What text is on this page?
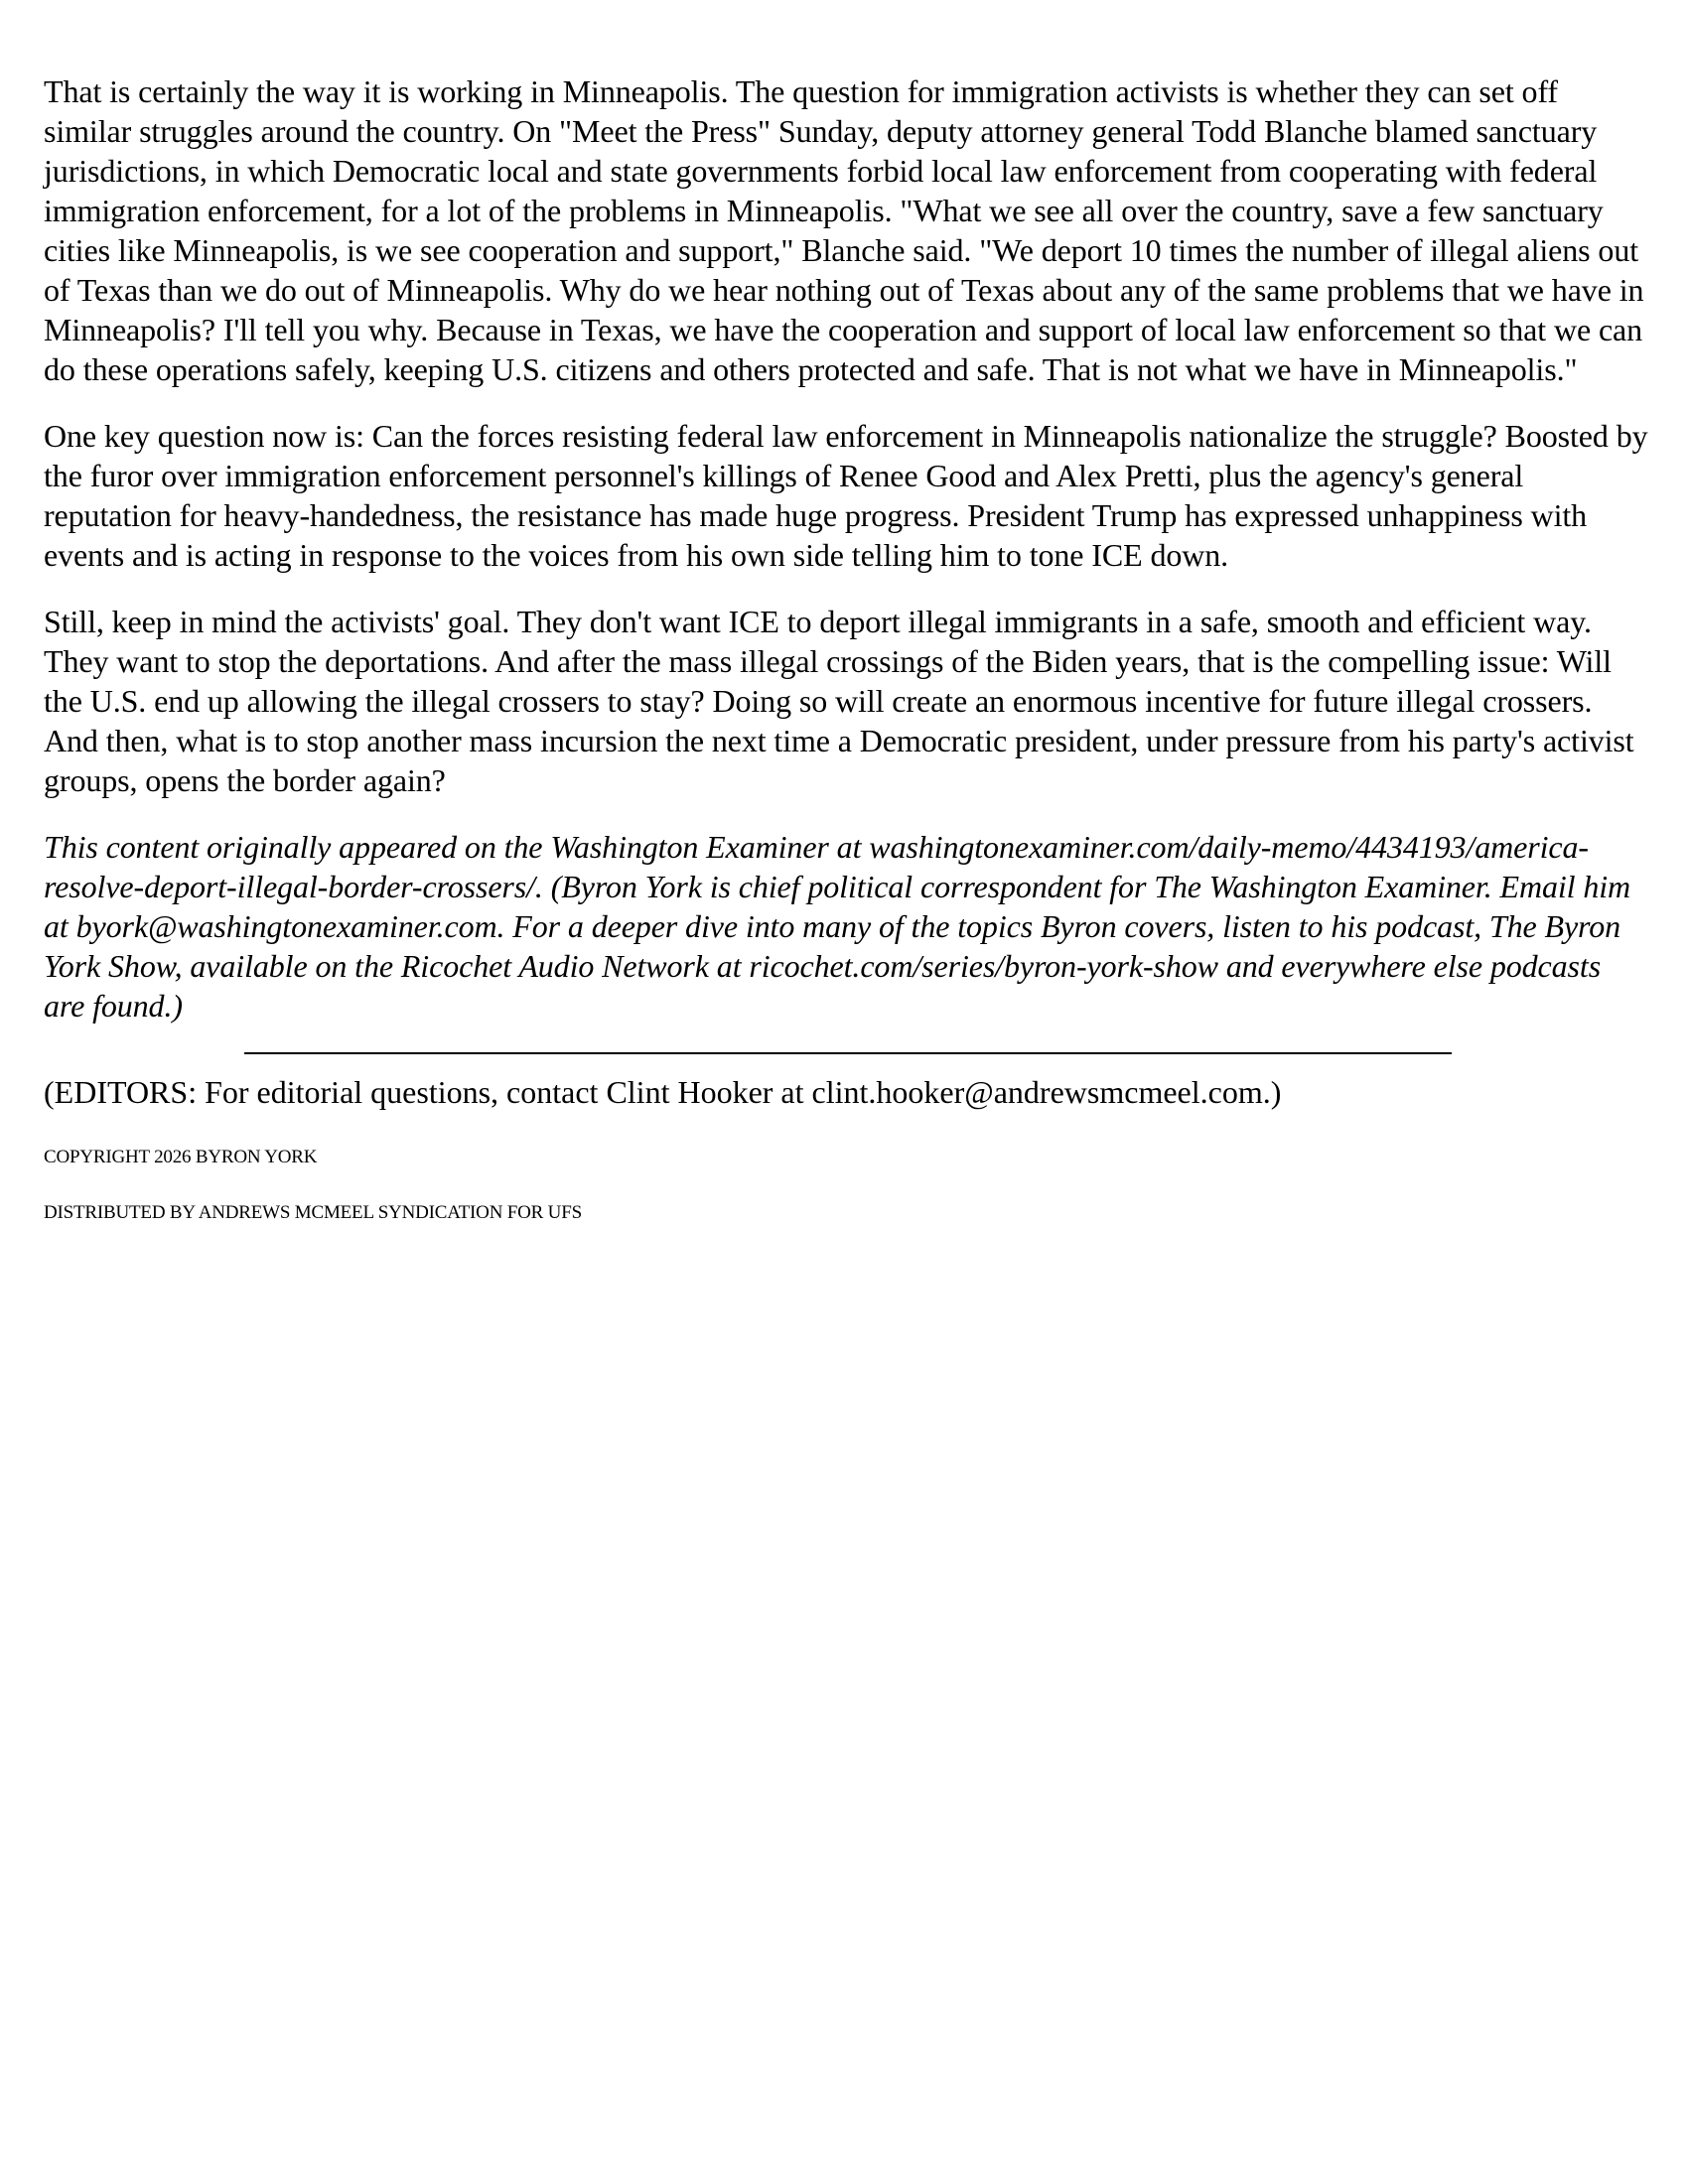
That is certainly the way it is working in Minneapolis. The question for immigration activists is whether they can set off similar struggles around the country. On "Meet the Press" Sunday, deputy attorney general Todd Blanche blamed sanctuary jurisdictions, in which Democratic local and state governments forbid local law enforcement from cooperating with federal immigration enforcement, for a lot of the problems in Minneapolis. "What we see all over the country, save a few sanctuary cities like Minneapolis, is we see cooperation and support," Blanche said. "We deport 10 times the number of illegal aliens out of Texas than we do out of Minneapolis. Why do we hear nothing out of Texas about any of the same problems that we have in Minneapolis? I'll tell you why. Because in Texas, we have the cooperation and support of local law enforcement so that we can do these operations safely, keeping U.S. citizens and others protected and safe. That is not what we have in Minneapolis."

One key question now is: Can the forces resisting federal law enforcement in Minneapolis nationalize the struggle? Boosted by the furor over immigration enforcement personnel's killings of Renee Good and Alex Pretti, plus the agency's general reputation for heavy-handedness, the resistance has made huge progress. President Trump has expressed unhappiness with events and is acting in response to the voices from his own side telling him to tone ICE down.

Still, keep in mind the activists' goal. They don't want ICE to deport illegal immigrants in a safe, smooth and efficient way. They want to stop the deportations. And after the mass illegal crossings of the Biden years, that is the compelling issue: Will the U.S. end up allowing the illegal crossers to stay? Doing so will create an enormous incentive for future illegal crossers. And then, what is to stop another mass incursion the next time a Democratic president, under pressure from his party's activist groups, opens the border again?

This content originally appeared on the Washington Examiner at washingtonexaminer.com/daily-memo/4434193/america-resolve-deport-illegal-border-crossers/. (Byron York is chief political correspondent for The Washington Examiner. Email him at byork@washingtonexaminer.com. For a deeper dive into many of the topics Byron covers, listen to his podcast, The Byron York Show, available on the Ricochet Audio Network at ricochet.com/series/byron-york-show and everywhere else podcasts are found.)

(EDITORS: For editorial questions, contact Clint Hooker at clint.hooker@andrewsmcmeel.com.)

COPYRIGHT 2026 BYRON YORK

DISTRIBUTED BY ANDREWS MCMEEL SYNDICATION FOR UFS
